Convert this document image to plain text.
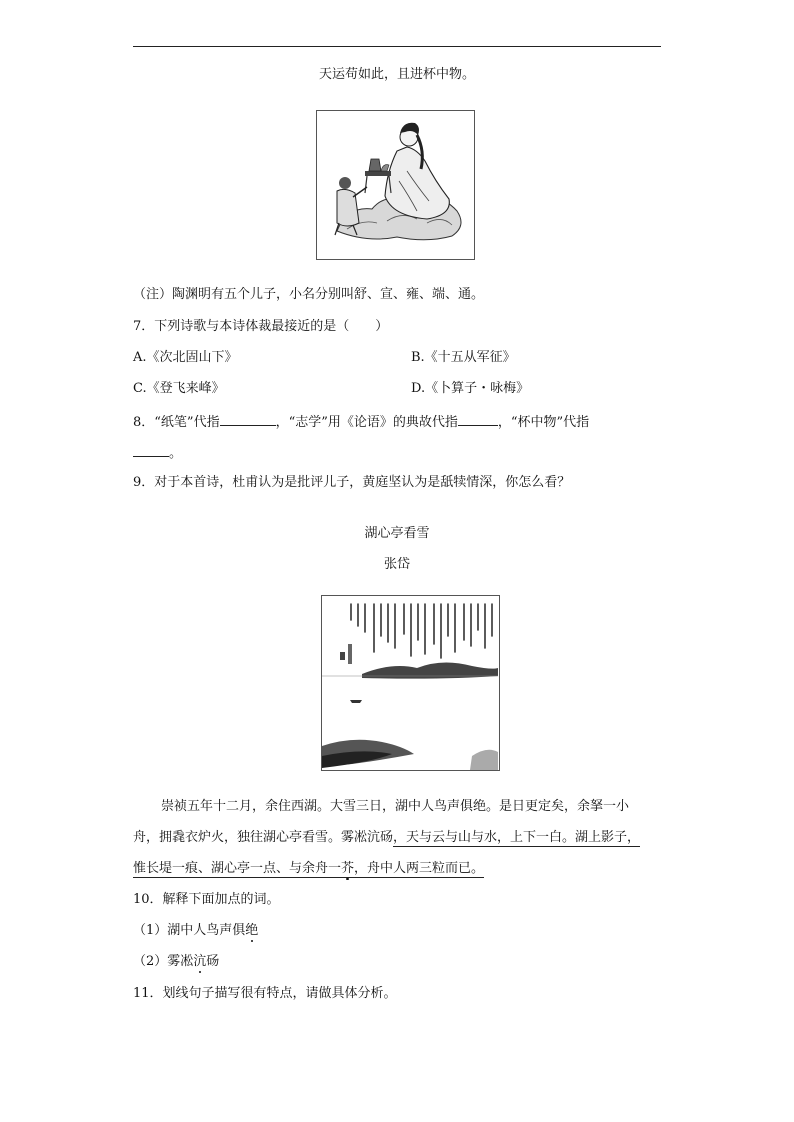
天运苟如此，且进杯中物。
（注）陶渊明有五个儿子，小名分别叫舒、宣、雍、端、通。
7．下列诗歌与本诗体裁最接近的是（　　）
A.《次北固山下》	B.《十五从军征》
C.《登飞来峰》	D.《卜算子・咏梅》
8．“纸笔”代指	，“志学”用《论语》的典故代指	，“杯中物”代指
。
9．对于本首诗，杜甫认为是批评儿子，黄庭坚认为是舐犊情深，你怎么看？
湖心亭看雪
张岱
崇祯五年十二月，余住西湖。大雪三日，湖中人鸟声俱绝。是日更定矣，余拏一小
舟，拥毳衣炉火，独往湖心亭看雪。雾凇沆砀，天与云与山与水，上下一白。湖上影子，
惟长堤一痕、湖心亭一点、与余舟一芥，舟中人两三粒而已。
10．解释下面加点的词。
（1）湖中人鸟声俱绝
（2）雾凇沆砀
11．划线句子描写很有特点，请做具体分析。
